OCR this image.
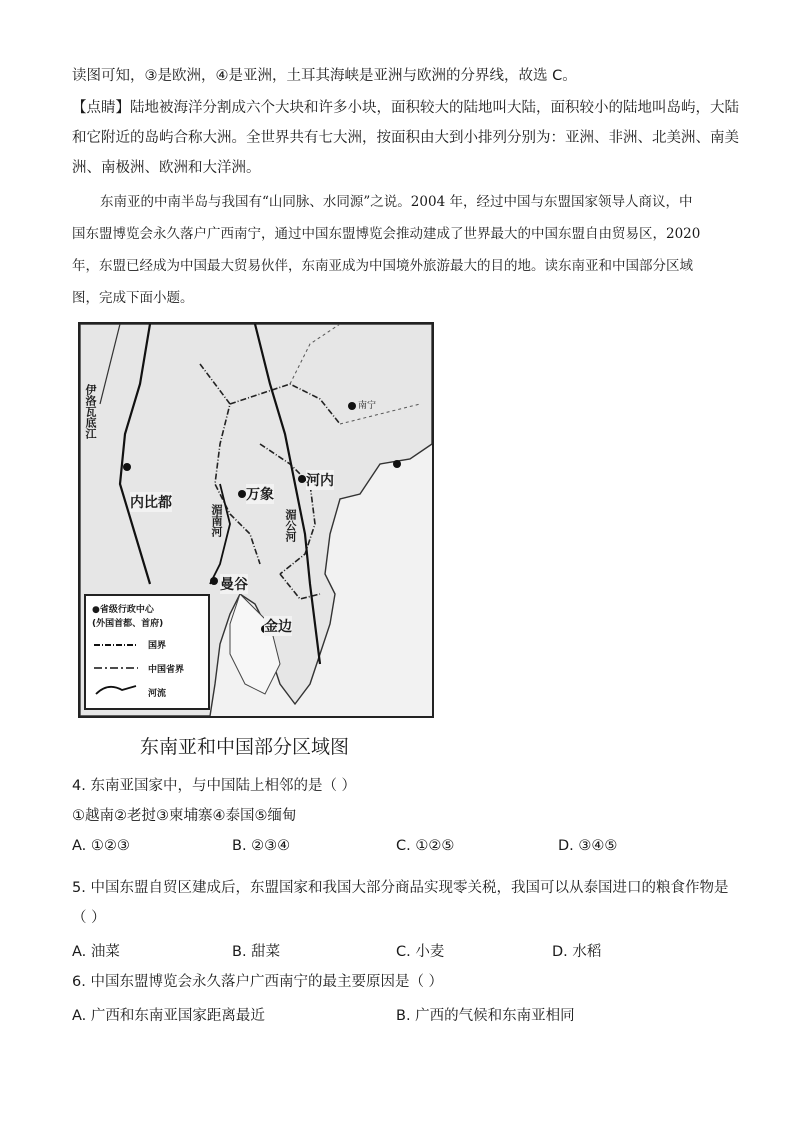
读图可知，③是欧洲，④是亚洲，土耳其海峡是亚洲与欧洲的分界线，故选 C。
【点睛】陆地被海洋分割成六个大块和许多小块，面积较大的陆地叫大陆，面积较小的陆地叫岛屿，大陆
和它附近的岛屿合称大洲。全世界共有七大洲，按面积由大到小排列分别为：亚洲、非洲、北美洲、南美
洲、南极洲、欧洲和大洋洲。
东南亚的中南半岛与我国有“山同脉、水同源”之说。2004 年，经过中国与东盟国家领导人商议，中
国东盟博览会永久落户广西南宁，通过中国东盟博览会推动建成了世界最大的中国东盟自由贸易区，2020
年，东盟已经成为中国最大贸易伙伴，东南亚成为中国境外旅游最大的目的地。读东南亚和中国部分区域
图，完成下面小题。
内比都
曼谷
金边
河内
万象
南宁
伊洛瓦底江
湄公河
湄南河
●省级行政中心
(外国首都、首府)
国界
中国省界
河流
东南亚和中国部分区域图
4. 东南亚国家中，与中国陆上相邻的是（ ）
①越南②老挝③柬埔寨④泰国⑤缅甸
A. ①②③	B. ②③④	C. ①②⑤	D. ③④⑤
5. 中国东盟自贸区建成后，东盟国家和我国大部分商品实现零关税，我国可以从泰国进口的粮食作物是
（ ）
A. 油菜	B. 甜菜	C. 小麦	D. 水稻
6. 中国东盟博览会永久落户广西南宁的最主要原因是（ ）
A. 广西和东南亚国家距离最近	B. 广西的气候和东南亚相同
